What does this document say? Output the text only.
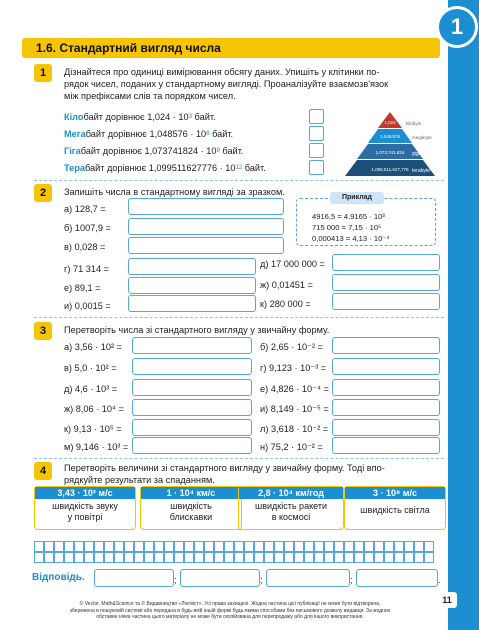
1
1.6. Стандартний вигляд числа
1	Дізнайтеся про одиниці вимірювання обсягу даних. Упишіть у клітинки по-
рядок чисел, поданих у стандартному вигляді. Проаналізуйте взаємозв'язок
між префіксами слів та порядком чисел.
Кілобайт дорівнює $1,024 \cdot 10^3$ байт.
Мегабайт дорівнює $1,048576 \cdot 10^6$ байт.
Гігабайт дорівнює $1,073741824 \cdot 10^9$ байт.
Терабайт дорівнює $1,099511627776 \cdot 10^{12}$ байт.
1,024
1,048,576
1,073,741,824
1,099,511,627,776
kilobyte
megabyte
gigabyte
terabyte
2	Запишіть числа в стандартному вигляді за зразком.
Приклад
4916,5 = 4,9165 · 10³
715 000 = 7,15 · 10⁵
0,000413 = 4,13 · 10⁻⁴
а) 128,7 =
б) 1007,9 =
в) 0,028 =
г) 71 314 =
е) 89,1 =
и) 0,0015 =
д) 17 000 000 =
ж) 0,01451 =
к) 280 000 =
3	Перетворіть числа зі стандартного вигляду у звичайну форму.
а) 3,56 · 10² =
в) 5,0 · 10² =
д) 4,6 · 10³ =
ж) 8,06 · 10⁴ =
к) 9,13 · 10⁵ =
м) 9,146 · 10³ =
б) 2,65 · 10⁻² =
г) 9,123 · 10⁻³ =
е) 4,826 · 10⁻⁴ =
и) 8,149 · 10⁻⁵ =
л) 3,618 · 10⁻² =
н) 75,2 · 10⁻² =
4	Перетворіть величини зі стандартного вигляду у звичайну форму. Тоді впо-
рядкуйте результати за спаданням.
3,43 · 10² м/с
швидкість звуку
у повітрі
1 · 10⁴ км/с
швидкість
блискавки
2,8 · 10⁴ км/год
швидкість ракети
в космосі
3 · 10⁸ м/с
швидкість світла
Відповідь.	;	;	;	.
11
© Vector. Math&Science та © Видавництво «Лінгвіст». Усі права захищені. Жодна частина цієї публікації не може бути відтворена,
збережена в пошуковій системі або передана в будь-якій іншій формі будь-якими способами без письмового дозволу видавця. За жодних
обставин ніяка частина цього матеріалу не може бути скопійована для перепродажу або для іншого використання.
